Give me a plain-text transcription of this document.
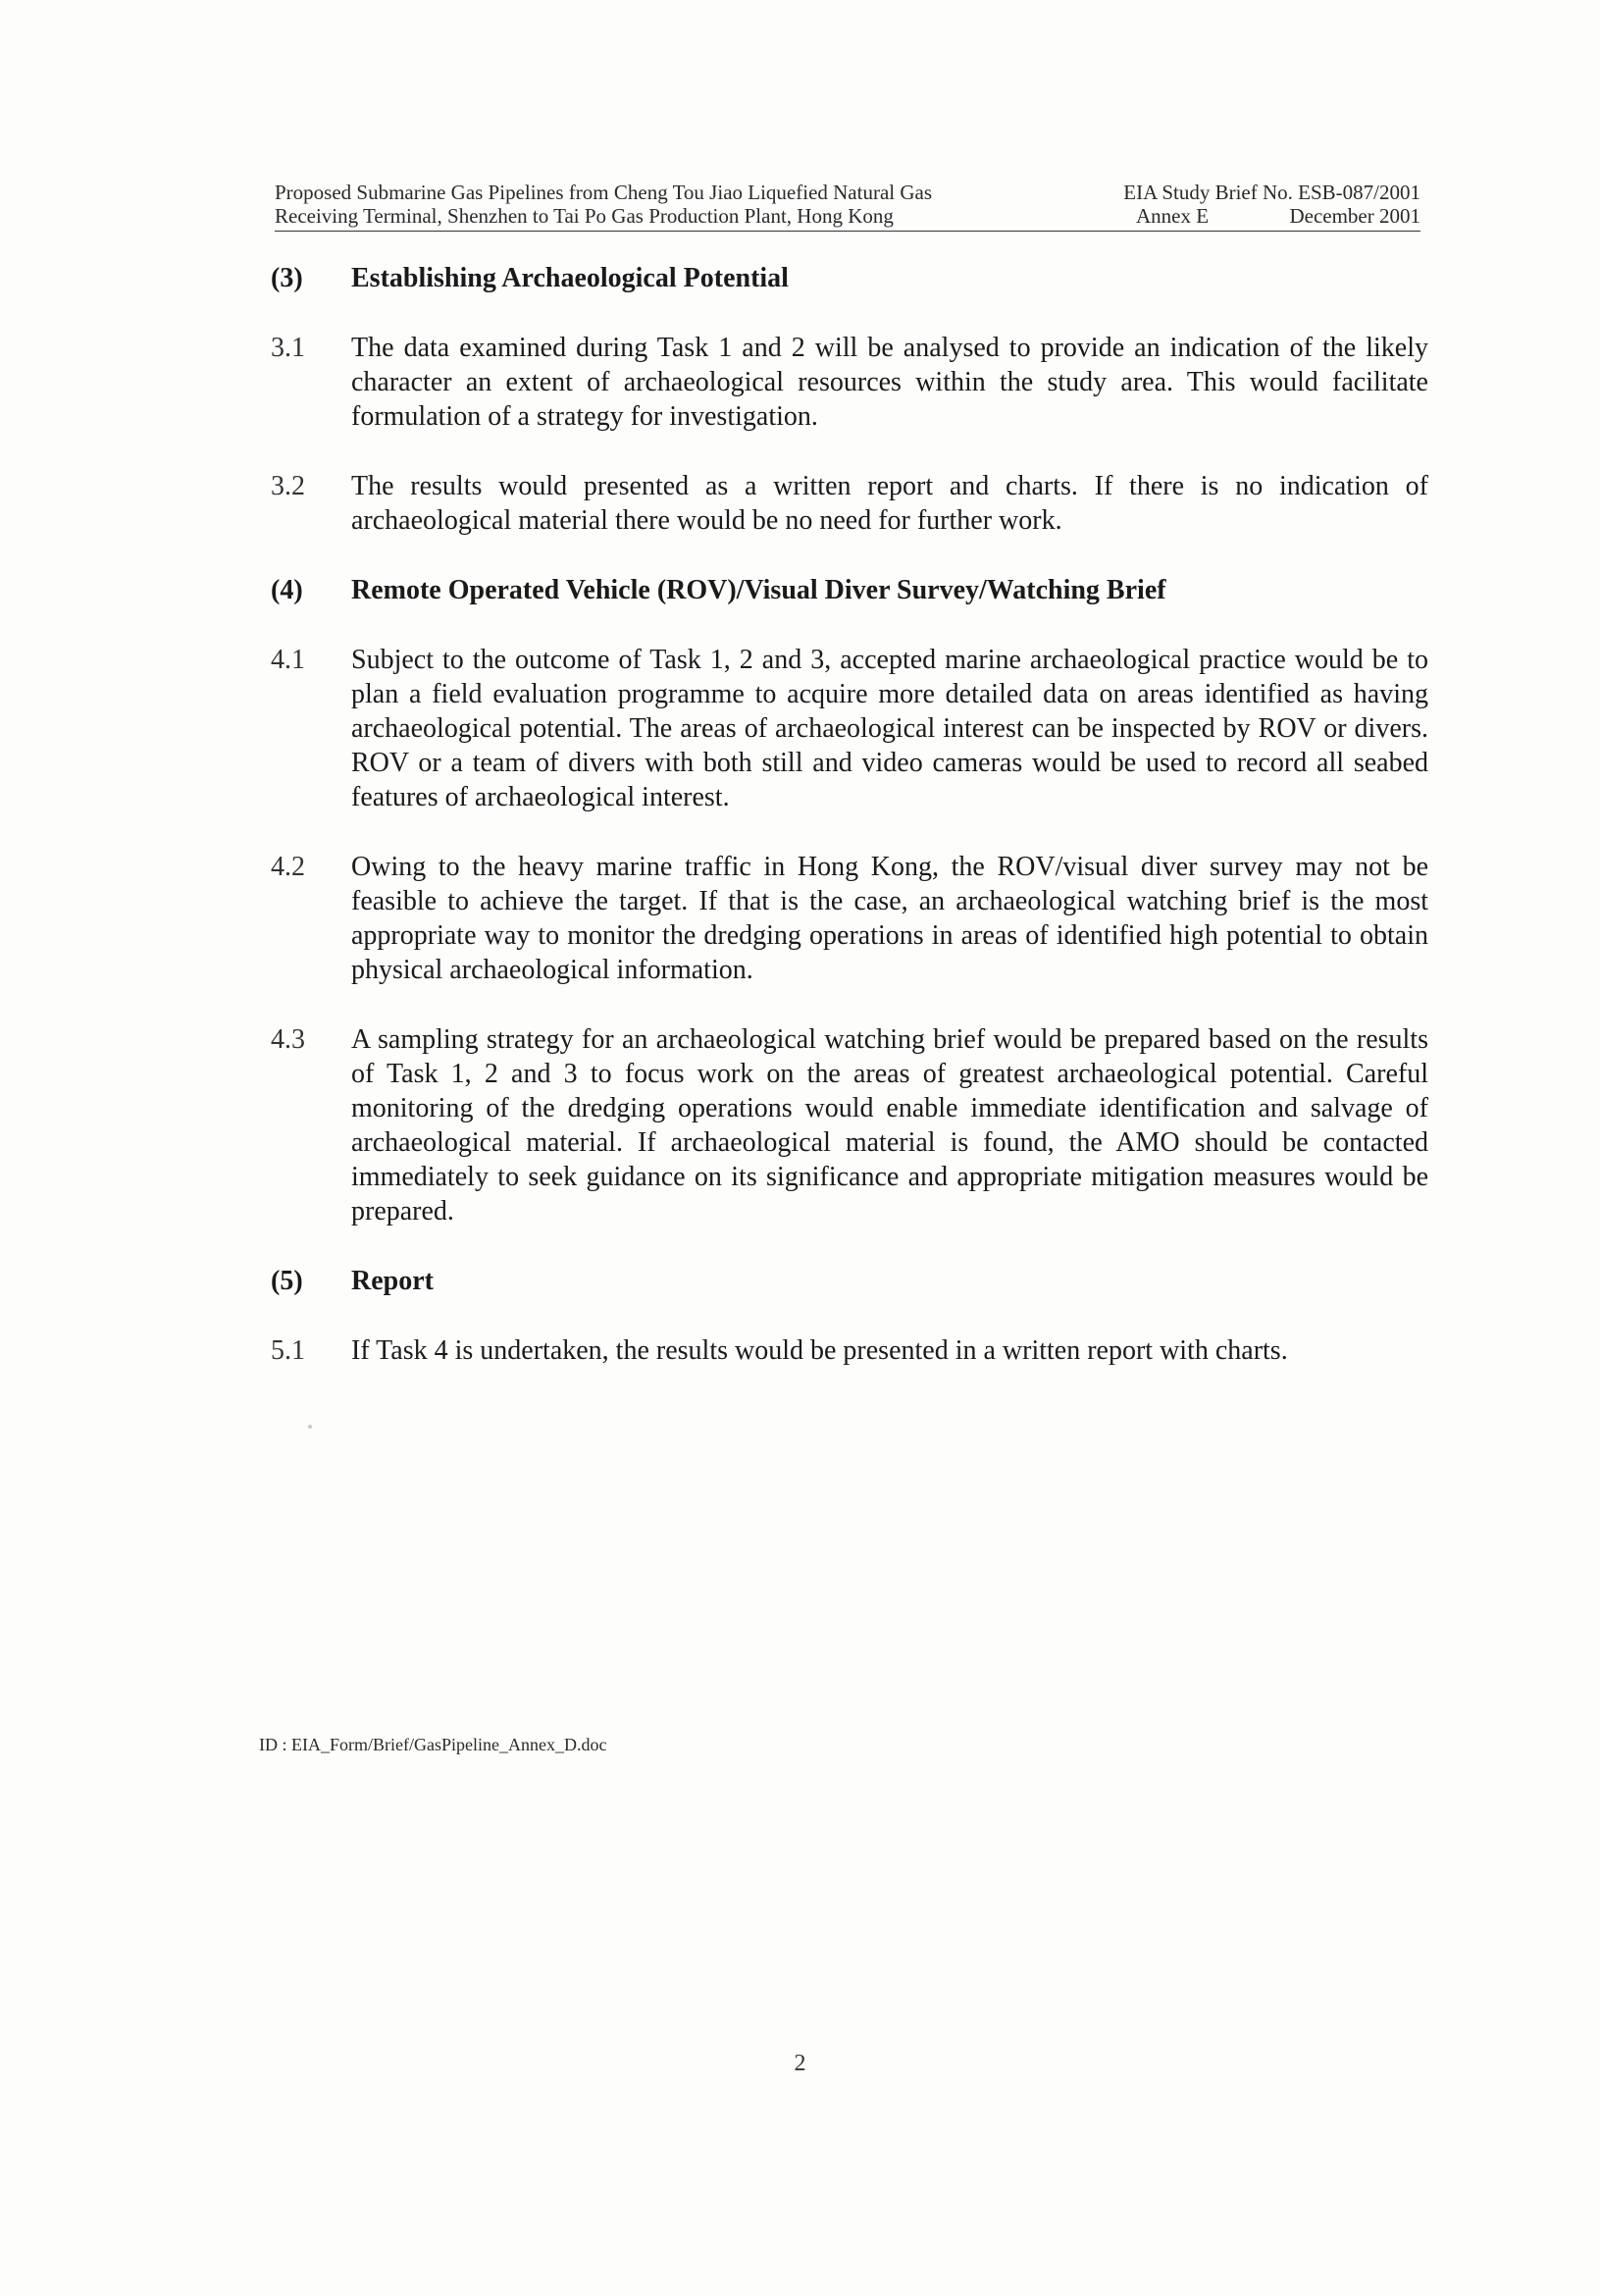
Proposed Submarine Gas Pipelines from Cheng Tou Jiao Liquefied Natural Gas
Receiving Terminal, Shenzhen to Tai Po Gas Production Plant, Hong Kong
EIA Study Brief No. ESB-087/2001
Annex E	December 2001
(3)	Establishing Archaeological Potential
3.1	The data examined during Task 1 and 2 will be analysed to provide an indication of the likely character an extent of archaeological resources within the study area. This would facilitate formulation of a strategy for investigation.
3.2	The results would presented as a written report and charts. If there is no indication of archaeological material there would be no need for further work.
(4)	Remote Operated Vehicle (ROV)/Visual Diver Survey/Watching Brief
4.1	Subject to the outcome of Task 1, 2 and 3, accepted marine archaeological practice would be to plan a field evaluation programme to acquire more detailed data on areas identified as having archaeological potential. The areas of archaeological interest can be inspected by ROV or divers. ROV or a team of divers with both still and video cameras would be used to record all seabed features of archaeological interest.
4.2	Owing to the heavy marine traffic in Hong Kong, the ROV/visual diver survey may not be feasible to achieve the target. If that is the case, an archaeological watching brief is the most appropriate way to monitor the dredging operations in areas of identified high potential to obtain physical archaeological information.
4.3	A sampling strategy for an archaeological watching brief would be prepared based on the results of Task 1, 2 and 3 to focus work on the areas of greatest archaeological potential. Careful monitoring of the dredging operations would enable immediate identification and salvage of archaeological material. If archaeological material is found, the AMO should be contacted immediately to seek guidance on its significance and appropriate mitigation measures would be prepared.
(5)	Report
5.1	If Task 4 is undertaken, the results would be presented in a written report with charts.
ID : EIA_Form/Brief/GasPipeline_Annex_D.doc
2
